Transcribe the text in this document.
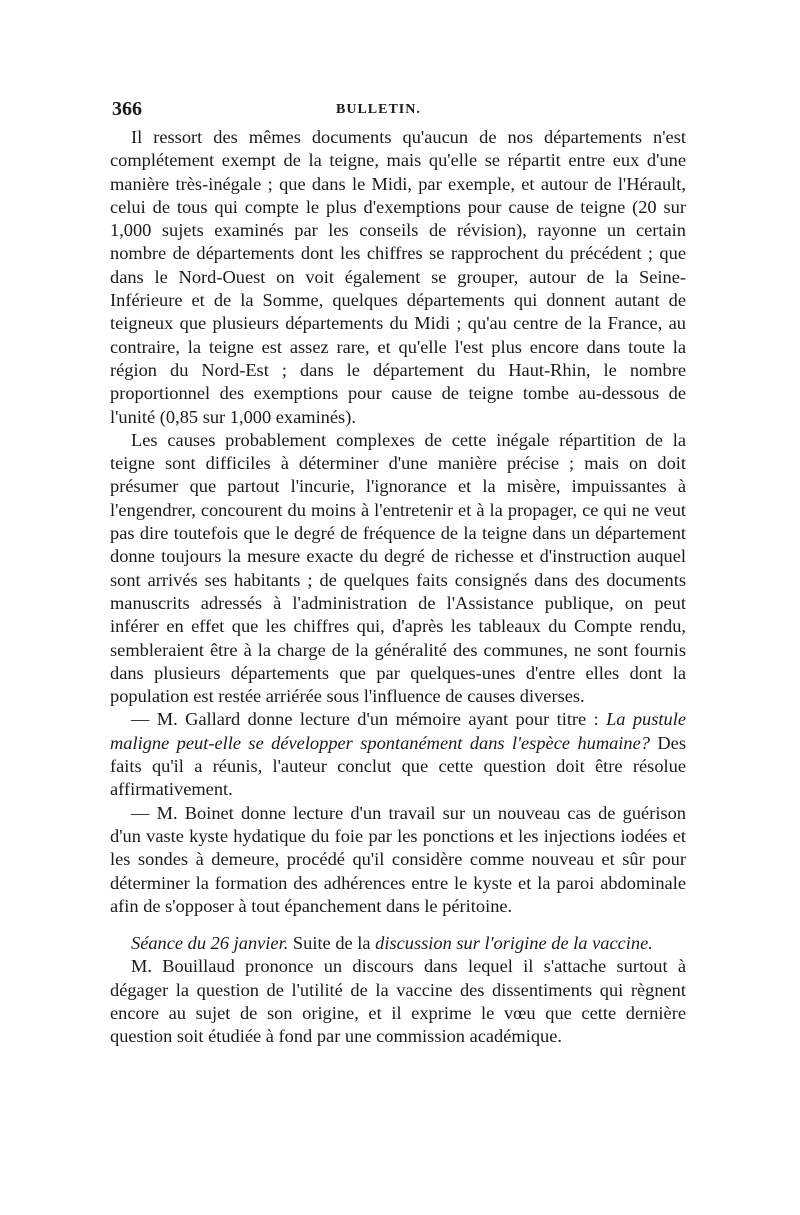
366	BULLETIN.

Il ressort des mêmes documents qu'aucun de nos départements n'est complétement exempt de la teigne, mais qu'elle se répartit entre eux d'une manière très-inégale ; que dans le Midi, par exemple, et autour de l'Hérault, celui de tous qui compte le plus d'exemptions pour cause de teigne (20 sur 1,000 sujets examinés par les conseils de révision), rayonne un certain nombre de départements dont les chiffres se rapprochent du précédent ; que dans le Nord-Ouest on voit également se grouper, autour de la Seine-Inférieure et de la Somme, quelques départements qui donnent autant de teigneux que plusieurs départements du Midi ; qu'au centre de la France, au contraire, la teigne est assez rare, et qu'elle l'est plus encore dans toute la région du Nord-Est ; dans le département du Haut-Rhin, le nombre proportionnel des exemptions pour cause de teigne tombe au-dessous de l'unité (0,85 sur 1,000 examinés).

Les causes probablement complexes de cette inégale répartition de la teigne sont difficiles à déterminer d'une manière précise ; mais on doit présumer que partout l'incurie, l'ignorance et la misère, impuissantes à l'engendrer, concourent du moins à l'entretenir et à la propager, ce qui ne veut pas dire toutefois que le degré de fréquence de la teigne dans un département donne toujours la mesure exacte du degré de richesse et d'instruction auquel sont arrivés ses habitants ; de quelques faits consignés dans des documents manuscrits adressés à l'administration de l'Assistance publique, on peut inférer en effet que les chiffres qui, d'après les tableaux du Compte rendu, sembleraient être à la charge de la généralité des communes, ne sont fournis dans plusieurs départements que par quelques-unes d'entre elles dont la population est restée arriérée sous l'influence de causes diverses.

— M. Gallard donne lecture d'un mémoire ayant pour titre : La pustule maligne peut-elle se développer spontanément dans l'espèce humaine? Des faits qu'il a réunis, l'auteur conclut que cette question doit être résolue affirmativement.

— M. Boinet donne lecture d'un travail sur un nouveau cas de guérison d'un vaste kyste hydatique du foie par les ponctions et les injections iodées et les sondes à demeure, procédé qu'il considère comme nouveau et sûr pour déterminer la formation des adhérences entre le kyste et la paroi abdominale afin de s'opposer à tout épanchement dans le péritoine.

Séance du 26 janvier. Suite de la discussion sur l'origine de la vaccine.

M. Bouillaud prononce un discours dans lequel il s'attache surtout à dégager la question de l'utilité de la vaccine des dissentiments qui règnent encore au sujet de son origine, et il exprime le vœu que cette dernière question soit étudiée à fond par une commission académique.
